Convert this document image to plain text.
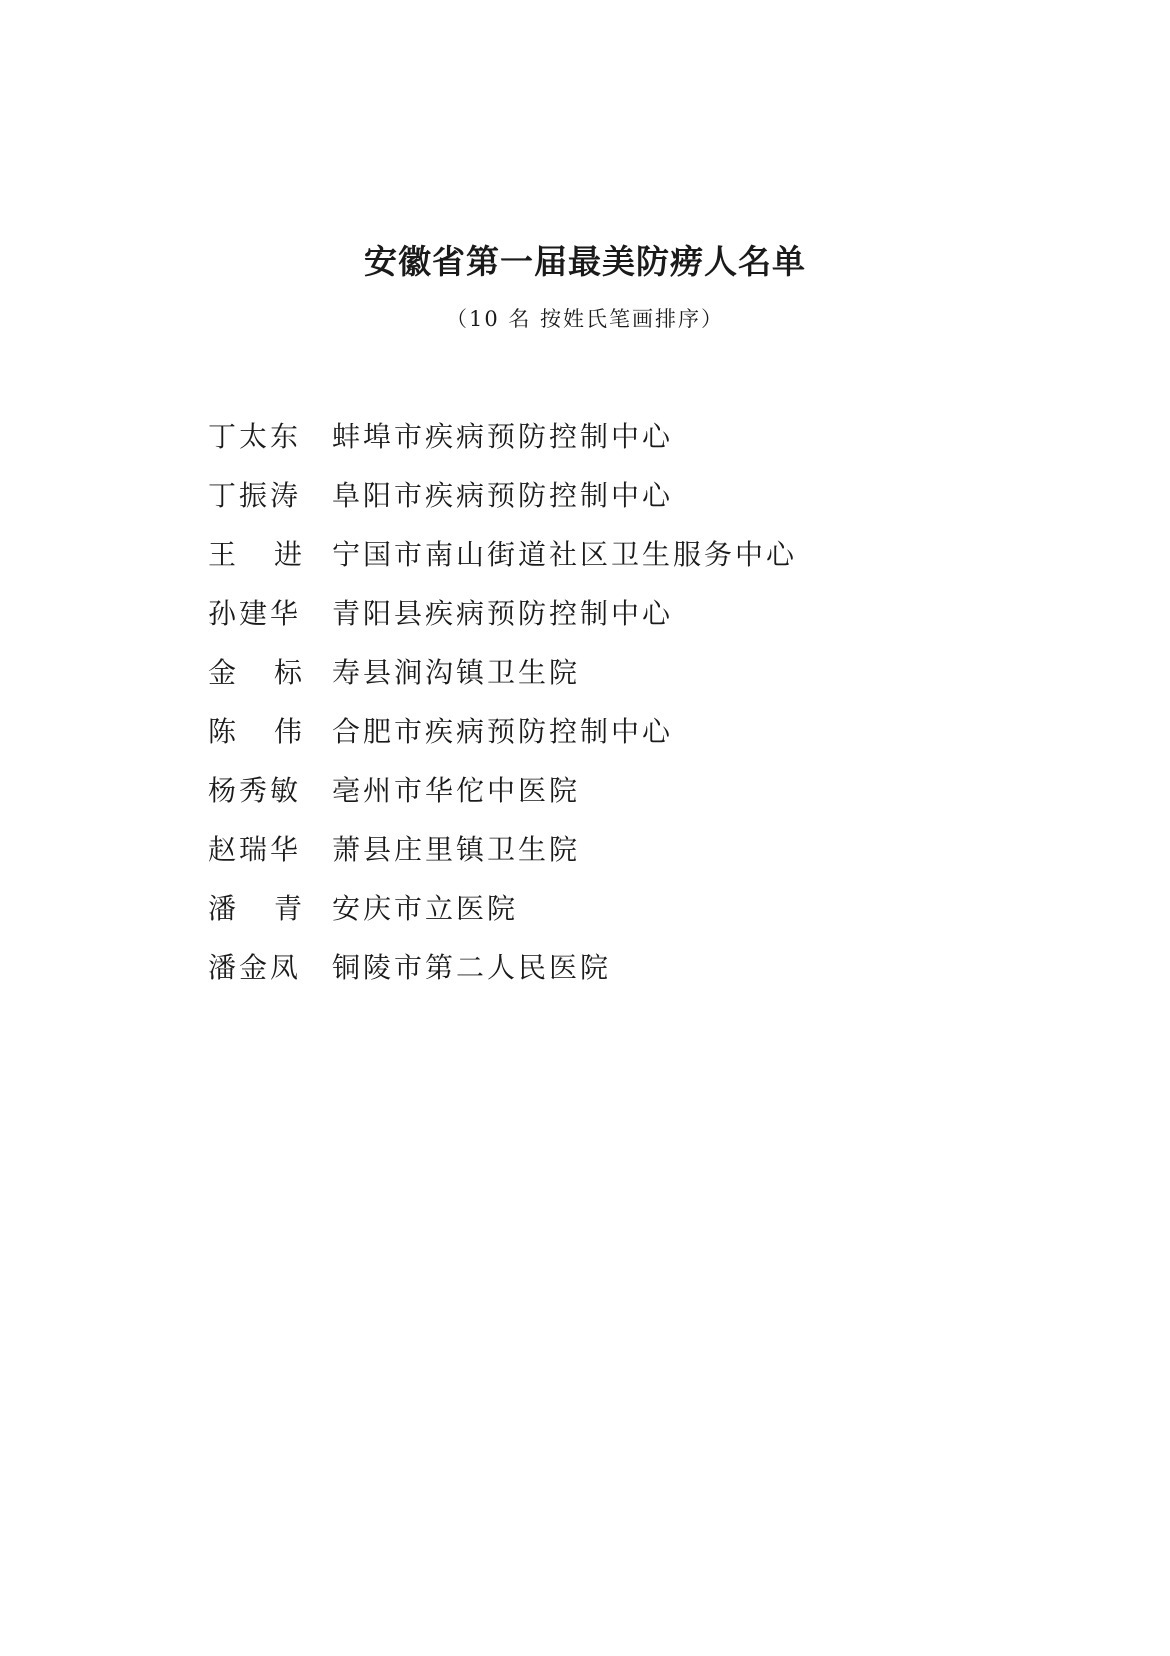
安徽省第一届最美防痨人名单
（10 名 按姓氏笔画排序）
丁太东 蚌埠市疾病预防控制中心
丁振涛 阜阳市疾病预防控制中心
王 进 宁国市南山街道社区卫生服务中心
孙建华 青阳县疾病预防控制中心
金 标 寿县涧沟镇卫生院
陈 伟 合肥市疾病预防控制中心
杨秀敏 亳州市华佗中医院
赵瑞华 萧县庄里镇卫生院
潘 青 安庆市立医院
潘金凤 铜陵市第二人民医院
